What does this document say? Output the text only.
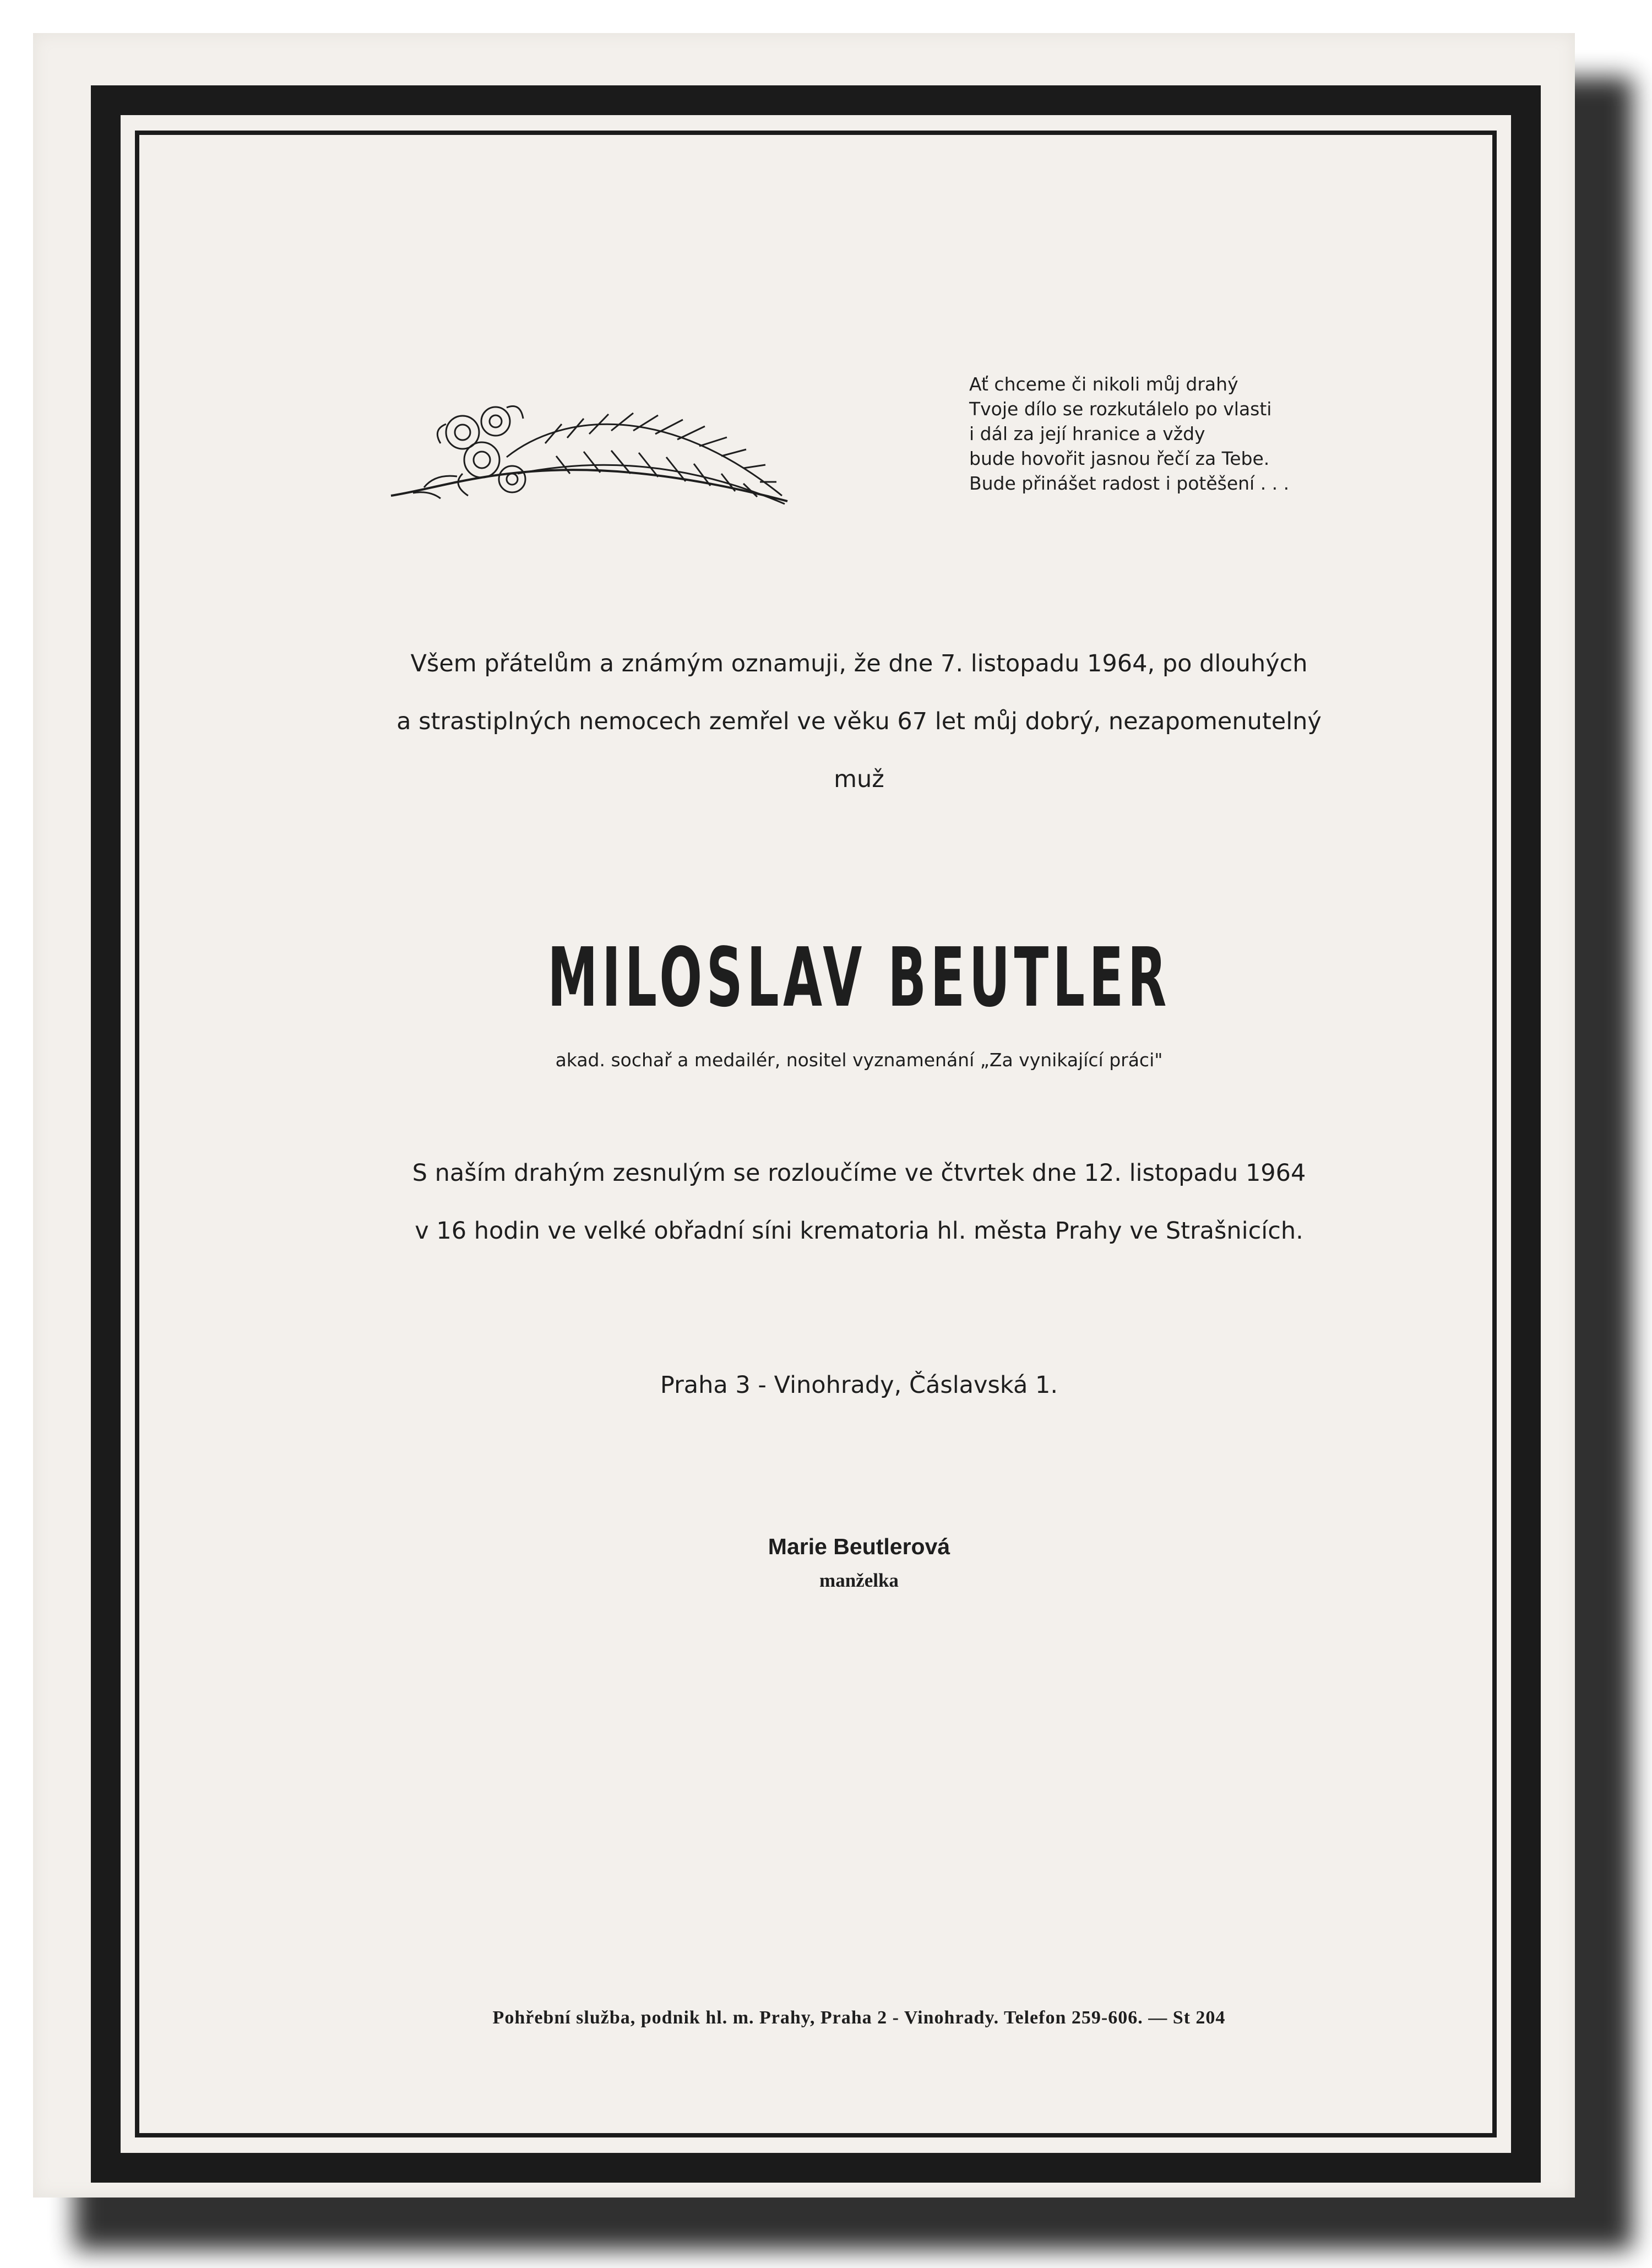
Ať chceme či nikoli můj drahý
Tvoje dílo se rozkutálelo po vlasti
i dál za její hranice a vždy
bude hovořit jasnou řečí za Tebe.
Bude přinášet radost i potěšení . . .
Všem přátelům a známým oznamuji, že dne 7. listopadu 1964, po dlouhých
a strastiplných nemocech zemřel ve věku 67 let můj dobrý, nezapomenutelný
muž
MILOSLAV BEUTLER
akad. sochař a medailér, nositel vyznamenání „Za vynikající práci"
S naším drahým zesnulým se rozloučíme ve čtvrtek dne 12. listopadu 1964
v 16 hodin ve velké obřadní síni krematoria hl. města Prahy ve Strašnicích.
Praha 3 - Vinohrady, Čáslavská 1.
Marie Beutlerová
manželka
Pohřební služba, podnik hl. m. Prahy, Praha 2 - Vinohrady. Telefon 259-606. — St 204
